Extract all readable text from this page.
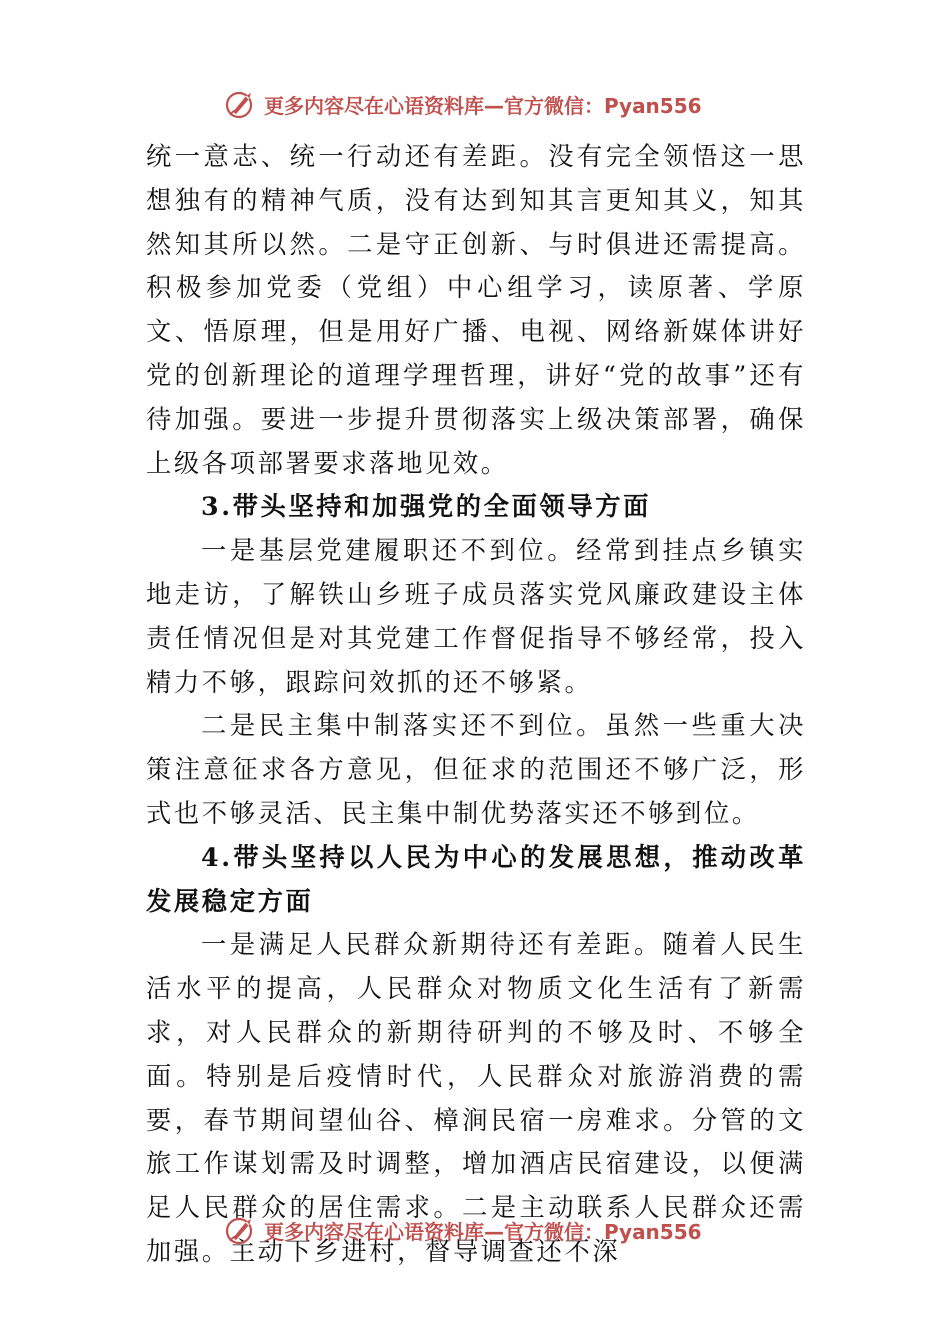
更多内容尽在心语资料库—官方微信：Pyan556

统一意志、统一行动还有差距。没有完全领悟这一思想独有的精神气质，没有达到知其言更知其义，知其然知其所以然。二是守正创新、与时俱进还需提高。积极参加党委（党组）中心组学习，读原著、学原文、悟原理，但是用好广播、电视、网络新媒体讲好党的创新理论的道理学理哲理，讲好“党的故事”还有待加强。要进一步提升贯彻落实上级决策部署，确保上级各项部署要求落地见效。

3.带头坚持和加强党的全面领导方面

一是基层党建履职还不到位。经常到挂点乡镇实地走访，了解铁山乡班子成员落实党风廉政建设主体责任情况但是对其党建工作督促指导不够经常，投入精力不够，跟踪问效抓的还不够紧。

二是民主集中制落实还不到位。虽然一些重大决策注意征求各方意见，但征求的范围还不够广泛，形式也不够灵活、民主集中制优势落实还不够到位。

4.带头坚持以人民为中心的发展思想，推动改革发展稳定方面

一是满足人民群众新期待还有差距。随着人民生活水平的提高，人民群众对物质文化生活有了新需求，对人民群众的新期待研判的不够及时、不够全面。特别是后疫情时代，人民群众对旅游消费的需要，春节期间望仙谷、樟涧民宿一房难求。分管的文旅工作谋划需及时调整，增加酒店民宿建设，以便满足人民群众的居住需求。二是主动联系人民群众还需加强。主动下乡进村，督导调查还不深

更多内容尽在心语资料库—官方微信：Pyan556
